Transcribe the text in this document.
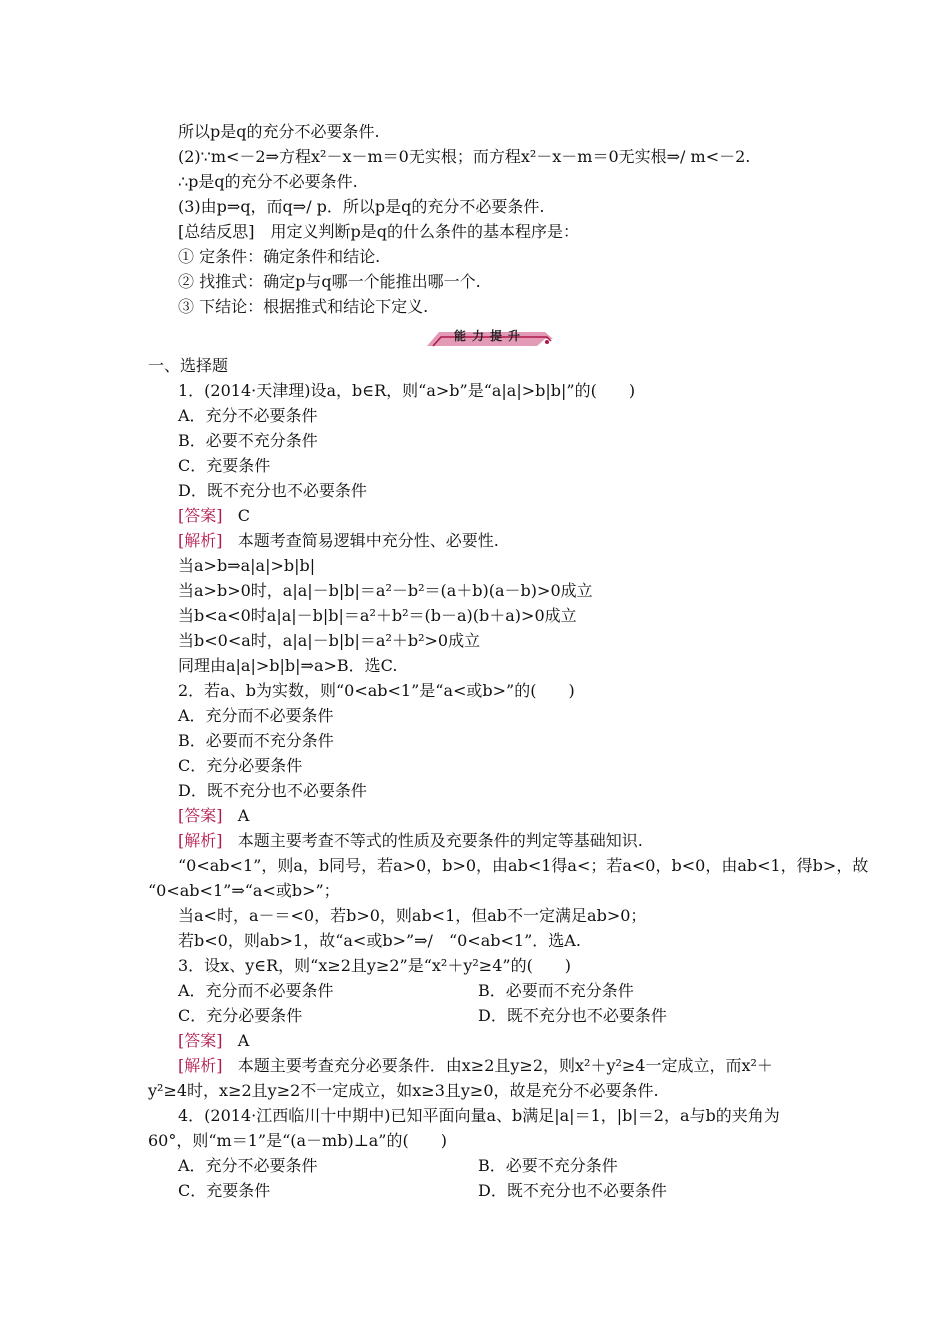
所以p是q的充分不必要条件.
(2)∵m<－2⇒方程x²－x－m＝0无实根；而方程x²－x－m＝0无实根⇒/ m<－2.
∴p是q的充分不必要条件.
(3)由p⇒q，而q⇒/ p．所以p是q的充分不必要条件.
[总结反思]　用定义判断p是q的什么条件的基本程序是：
① 定条件：确定条件和结论.
② 找推式：确定p与q哪一个能推出哪一个.
③ 下结论：根据推式和结论下定义.
能力提升
一、选择题
1．(2014·天津理)设a，b∈R，则“a>b”是“a|a|>b|b|”的(　　)
A．充分不必要条件
B．必要不充分条件
C．充要条件
D．既不充分也不必要条件
[答案] C
[解析] 本题考查简易逻辑中充分性、必要性.
当a>b⇒a|a|>b|b|
当a>b>0时，a|a|－b|b|＝a²－b²＝(a＋b)(a－b)>0成立
当b<a<0时a|a|－b|b|＝a²＋b²＝(b－a)(b＋a)>0成立
当b<0<a时，a|a|－b|b|＝a²＋b²>0成立
同理由a|a|>b|b|⇒a>B．选C.
2．若a、b为实数，则“0<ab<1”是“a<或b>”的(　　)
A．充分而不必要条件
B．必要而不充分条件
C．充分必要条件
D．既不充分也不必要条件
[答案] A
[解析] 本题主要考查不等式的性质及充要条件的判定等基础知识.
“0<ab<1”，则a，b同号，若a>0，b>0，由ab<1得a<；若a<0，b<0，由ab<1，得b>，故
“0<ab<1”⇒“a<或b>”；
当a<时，a－＝<0，若b>0，则ab<1，但ab不一定满足ab>0；
若b<0，则ab>1，故“a<或b>”⇒/　“0<ab<1”．选A.
3．设x、y∈R，则“x≥2且y≥2”是“x²＋y²≥4”的(　　)
A．充分而不必要条件	B．必要而不充分条件
C．充分必要条件	D．既不充分也不必要条件
[答案] A
[解析] 本题主要考查充分必要条件．由x≥2且y≥2，则x²＋y²≥4一定成立，而x²＋
y²≥4时，x≥2且y≥2不一定成立，如x≥3且y≥0，故是充分不必要条件.
4．(2014·江西临川十中期中)已知平面向量a、b满足|a|＝1，|b|＝2，a与b的夹角为
60°，则“m＝1”是“(a－mb)⊥a”的(　　)
A．充分不必要条件	B．必要不充分条件
C．充要条件	D．既不充分也不必要条件
